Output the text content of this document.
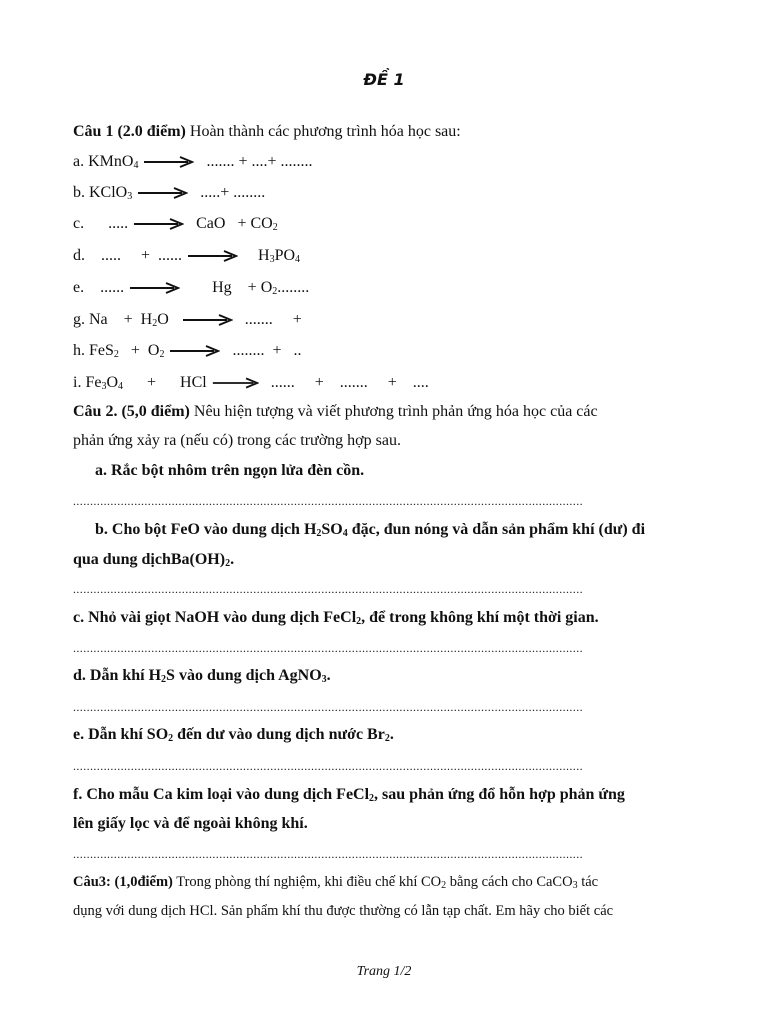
ĐỀ 1
Câu 1 (2.0 điểm) Hoàn thành các phương trình hóa học sau:
a. KMnO$_4$ → ....... + ....+ ........
b. KClO$_3$ → .....+ ........
c.      ..... → CaO   + $CO_2$
d.    .....     +  ...... → $H_3PO_4$
e.    ...... → Hg    + $O_2$........
g. Na    +  $H_2O$ → .......     +
h. $FeS_2 + O_2$ → ........  +   ..
i. $Fe_3O_4$      +      HCl → ......     +    .......     +    ....
Câu 2. (5,0 điểm) Nêu hiện tượng và viết phương trình phản ứng hóa học của các
phản ứng xảy ra (nếu có) trong các trường hợp sau.
a. Rắc bột nhôm trên ngọn lửa đèn cồn.
......................................................................................................................................................
b. Cho bột FeO vào dung dịch $H_2SO_4$ đặc, đun nóng và dẫn sản phẩm khí (dư) đi
qua dung $dịchBa(OH)_2$.
......................................................................................................................................................
c. Nhỏ vài giọt NaOH vào dung dịch FeCl$_2$, để trong không khí một thời gian.
......................................................................................................................................................
d. Dẫn khí $H_2S$ vào dung dịch AgNO$_3$.
......................................................................................................................................................
e. Dẫn khí $SO_2$ đến dư vào dung dịch nước $Br_2$.
......................................................................................................................................................
f. Cho mẫu Ca kim loại vào dung dịch FeCl$_2$, sau phản ứng đổ hỗn hợp phản ứng
lên giấy lọc và để ngoài không khí.
......................................................................................................................................................
Câu3: (1,0điểm) Trong phòng thí nghiệm, khi điều chế khí $CO_2$ bằng cách cho CaCO$_3$ tác
dụng với dung dịch HCl. Sản phẩm khí thu được thường có lẫn tạp chất. Em hãy cho biết các
Trang 1/2
